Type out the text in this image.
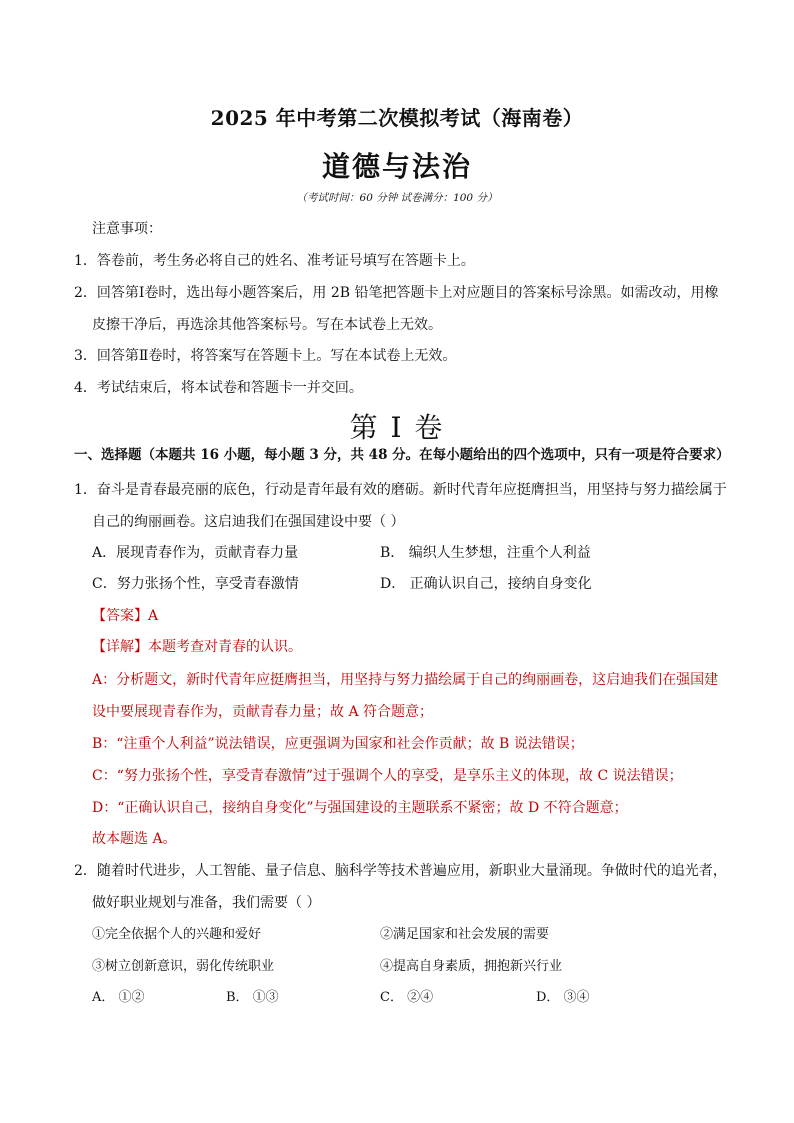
2025 年中考第二次模拟考试（海南卷）
道德与法治
（考试时间：60 分钟 试卷满分：100 分）
注意事项：
1．答卷前，考生务必将自己的姓名、准考证号填写在答题卡上。
2．回答第Ⅰ卷时，选出每小题答案后，用 2B 铅笔把答题卡上对应题目的答案标号涂黑。如需改动，用橡
皮擦干净后，再选涂其他答案标号。写在本试卷上无效。
3．回答第Ⅱ卷时，将答案写在答题卡上。写在本试卷上无效。
4．考试结束后，将本试卷和答题卡一并交回。
第 I 卷
一、选择题（本题共 16 小题，每小题 3 分，共 48 分。在每小题给出的四个选项中，只有一项是符合要求）
1．奋斗是青春最亮丽的底色，行动是青年最有效的磨砺。新时代青年应挺膺担当，用坚持与努力描绘属于
自己的绚丽画卷。这启迪我们在强国建设中要（ ）
A．展现青春作为，贡献青春力量	B． 编织人生梦想，注重个人利益
C．努力张扬个性，享受青春激情	D． 正确认识自己，接纳自身变化
【答案】A
【详解】本题考查对青春的认识。
A：分析题文，新时代青年应挺膺担当，用坚持与努力描绘属于自己的绚丽画卷，这启迪我们在强国建
设中要展现青春作为，贡献青春力量；故 A 符合题意；
B：“注重个人利益”说法错误，应更强调为国家和社会作贡献；故 B 说法错误；
C：“努力张扬个性，享受青春激情”过于强调个人的享受，是享乐主义的体现，故 C 说法错误；
D：“正确认识自己，接纳自身变化”与强国建设的主题联系不紧密；故 D 不符合题意；
故本题选 A。
2．随着时代进步，人工智能、量子信息、脑科学等技术普遍应用，新职业大量涌现。争做时代的追光者，
做好职业规划与准备，我们需要（ ）
①完全依据个人的兴趣和爱好	②满足国家和社会发展的需要
③树立创新意识，弱化传统职业	④提高自身素质，拥抱新兴行业
A． ①②	B． ①③	C． ②④	D． ③④
